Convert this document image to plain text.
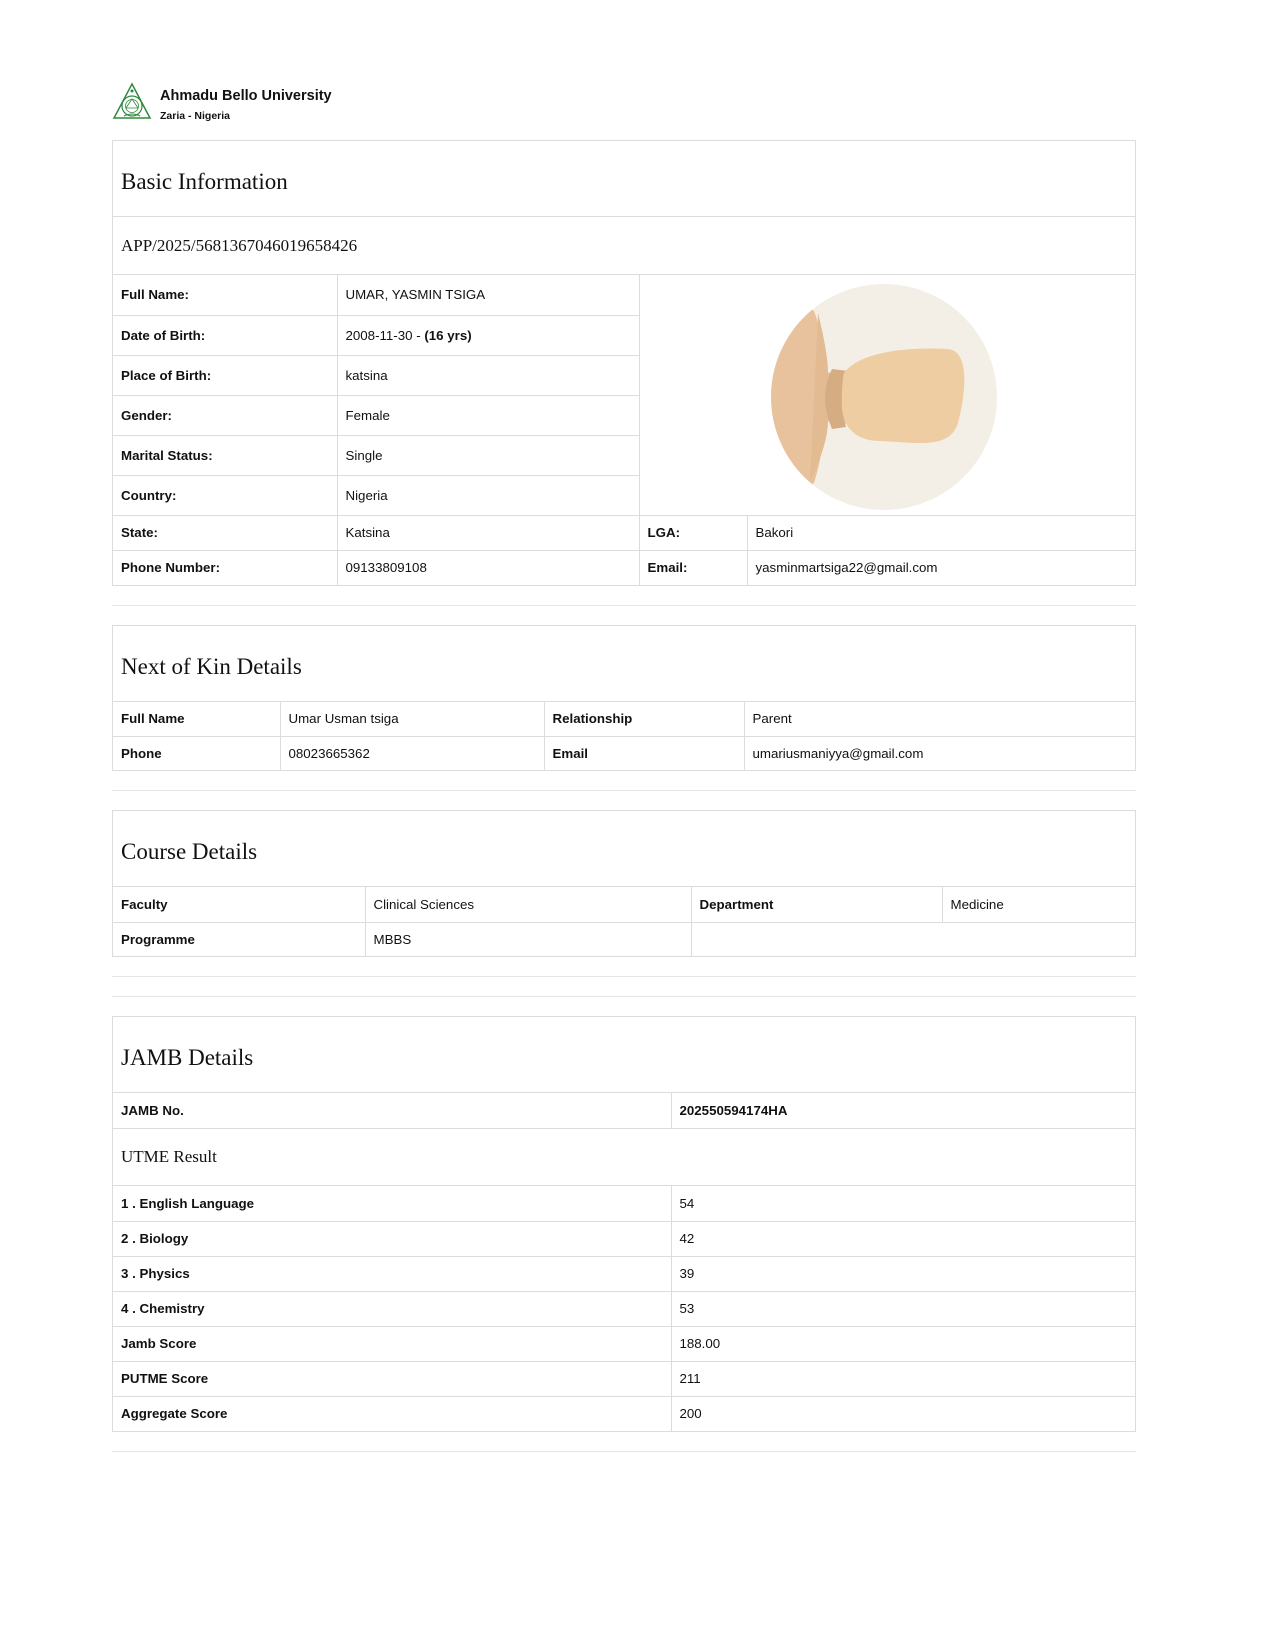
Ahmadu Bello University
Zaria - Nigeria
Basic Information
APP/2025/5681367046019658426
Full Name:	UMAR, YASMIN TSIGA	

Date of Birth:	2008-11-30 - (16 yrs)		
Place of Birth:	katsina		
Gender:	Female		
Marital Status:	Single		
Country:	Nigeria		
State:	Katsina	LGA:	Bakori
Phone Number:	09133809108	Email:	yasminmartsiga22@gmail.com
Next of Kin Details
Full Name	Umar Usman tsiga	Relationship	Parent
Phone	08023665362	Email	umariusmaniyya@gmail.com
Course Details
Faculty	Clinical Sciences	Department	Medicine
Programme	MBBS		
JAMB Details
JAMB No.	202550594174HA
UTME Result
1 . English Language	54
2 . Biology	42
3 . Physics	39
4 . Chemistry	53
Jamb Score	188.00
PUTME Score	211
Aggregate Score	200
